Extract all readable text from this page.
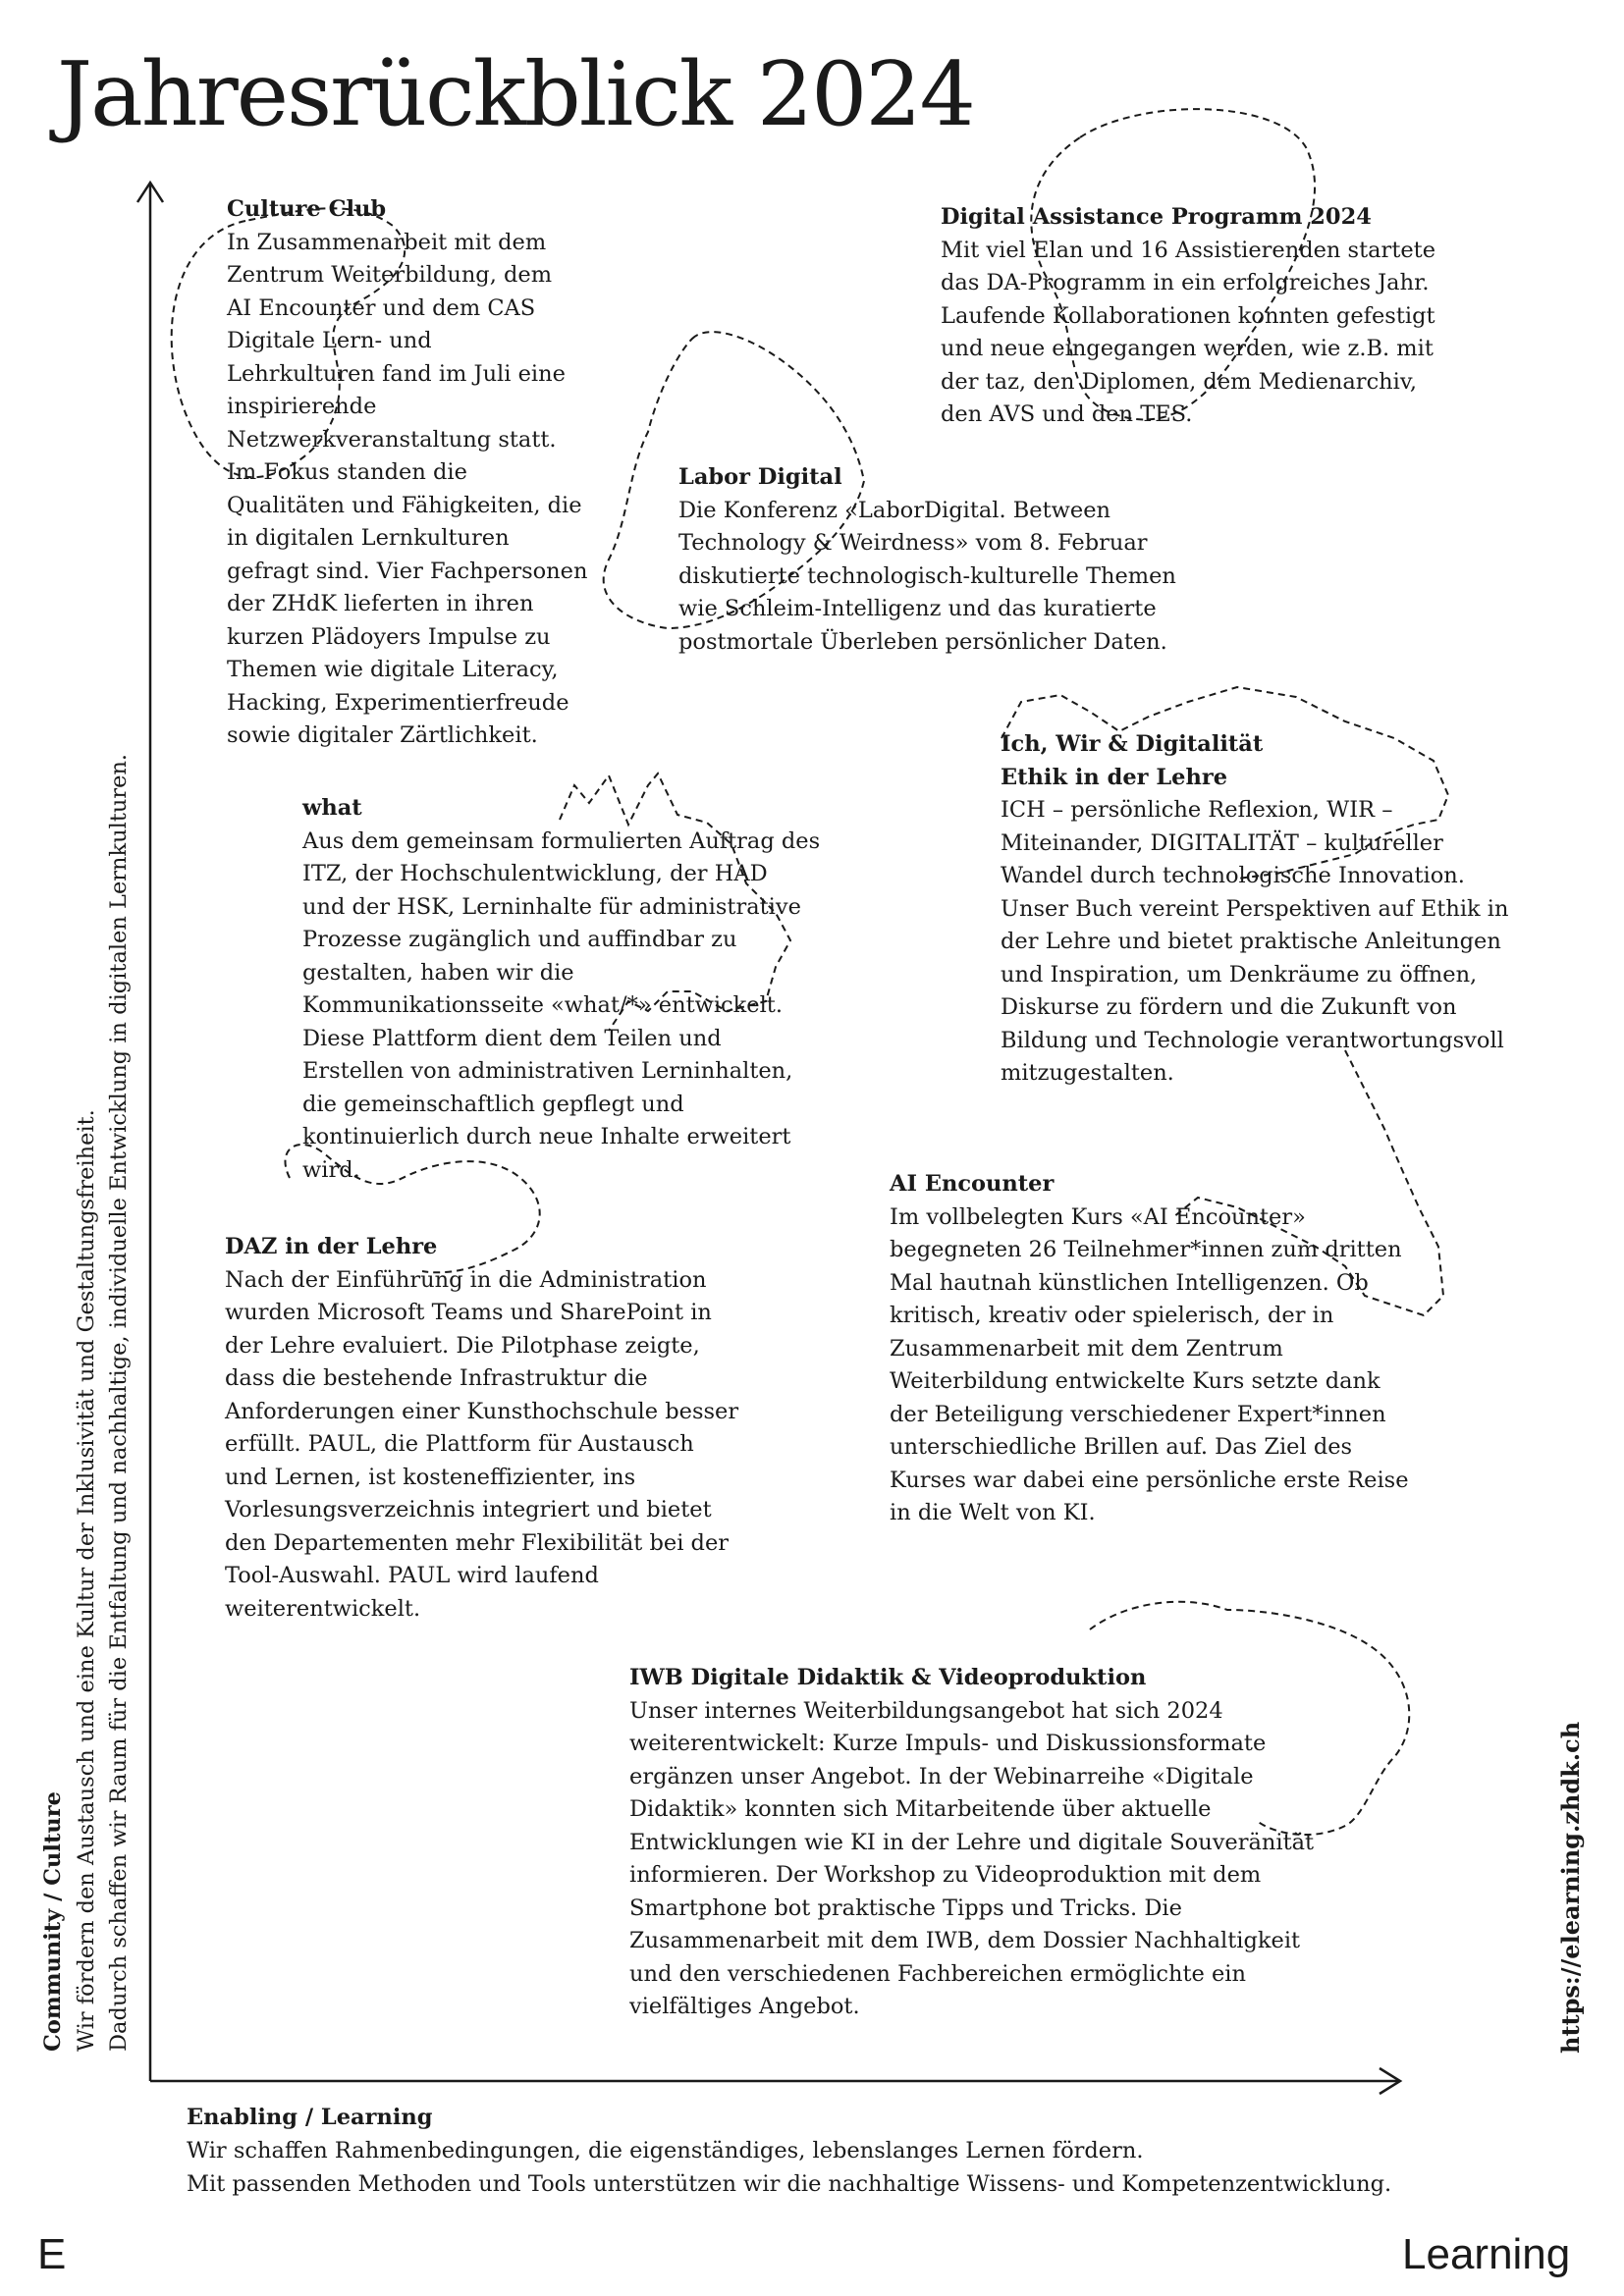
Jahresrückblick 2024
Culture Club

In Zusammenarbeit mit dem
Zentrum Weiterbildung, dem
AI Encounter und dem CAS
Digitale Lern- und
Lehrkulturen fand im Juli eine
inspirierende
Netzwerkveranstaltung statt.
Im Fokus standen die
Qualitäten und Fähigkeiten, die
in digitalen Lernkulturen
gefragt sind. Vier Fachpersonen
der ZHdK lieferten in ihren
kurzen Plädoyers Impulse zu
Themen wie digitale Literacy,
Hacking, Experimentierfreude
sowie digitaler Zärtlichkeit.

Digital Assistance Programm 2024

Mit viel Elan und 16 Assistierenden startete
das DA-Programm in ein erfolgreiches Jahr.
Laufende Kollaborationen konnten gefestigt
und neue eingegangen werden, wie z.B. mit
der taz, den Diplomen, dem Medienarchiv,
den AVS und den TES.

Labor Digital

Die Konferenz «LaborDigital. Between
Technology & Weirdness» vom 8. Februar
diskutierte technologisch-kulturelle Themen
wie Schleim-Intelligenz und das kuratierte
postmortale Überleben persönlicher Daten.

Ich, Wir & Digitalität
Ethik in der Lehre

ICH – persönliche Reflexion, WIR –
Miteinander, DIGITALITÄT – kultureller
Wandel durch technologische Innovation.
Unser Buch vereint Perspektiven auf Ethik in
der Lehre und bietet praktische Anleitungen
und Inspiration, um Denkräume zu öffnen,
Diskurse zu fördern und die Zukunft von
Bildung und Technologie verantwortungsvoll
mitzugestalten.

what

Aus dem gemeinsam formulierten Auftrag des
ITZ, der Hochschulentwicklung, der HAD
und der HSK, Lerninhalte für administrative
Prozesse zugänglich und auffindbar zu
gestalten, haben wir die
Kommunikationsseite «what/*» entwickelt.
Diese Plattform dient dem Teilen und
Erstellen von administrativen Lerninhalten,
die gemeinschaftlich gepflegt und
kontinuierlich durch neue Inhalte erweitert
wird.

AI Encounter

Im vollbelegten Kurs «AI Encounter»
begegneten 26 Teilnehmer*innen zum dritten
Mal hautnah künstlichen Intelligenzen. Ob
kritisch, kreativ oder spielerisch, der in
Zusammenarbeit mit dem Zentrum
Weiterbildung entwickelte Kurs setzte dank
der Beteiligung verschiedener Expert*innen
unterschiedliche Brillen auf. Das Ziel des
Kurses war dabei eine persönliche erste Reise
in die Welt von KI.

DAZ in der Lehre

Nach der Einführung in die Administration
wurden Microsoft Teams und SharePoint in
der Lehre evaluiert. Die Pilotphase zeigte,
dass die bestehende Infrastruktur die
Anforderungen einer Kunsthochschule besser
erfüllt. PAUL, die Plattform für Austausch
und Lernen, ist kosteneffizienter, ins
Vorlesungsverzeichnis integriert und bietet
den Departementen mehr Flexibilität bei der
Tool-Auswahl. PAUL wird laufend
weiterentwickelt.

IWB Digitale Didaktik & Videoproduktion

Unser internes Weiterbildungsangebot hat sich 2024
weiterentwickelt: Kurze Impuls- und Diskussionsformate
ergänzen unser Angebot. In der Webinarreihe «Digitale
Didaktik» konnten sich Mitarbeitende über aktuelle
Entwicklungen wie KI in der Lehre und digitale Souveränität
informieren. Der Workshop zu Videoproduktion mit dem
Smartphone bot praktische Tipps und Tricks. Die
Zusammenarbeit mit dem IWB, dem Dossier Nachhaltigkeit
und den verschiedenen Fachbereichen ermöglichte ein
vielfältiges Angebot.

Community / Culture Wir fördern den Austausch und eine Kultur der Inklusivität und Gestaltungsfreiheit. Dadurch schaffen wir Raum für die Entfaltung und nachhaltige, individuelle Entwicklung in digitalen Lernkulturen.
Enabling / Learning
Wir schaffen Rahmenbedingungen, die eigenständiges, lebenslanges Lernen fördern.
Mit passenden Methoden und Tools unterstützen wir die nachhaltige Wissens- und Kompetenzentwicklung.
https://elearning.zhdk.ch
E	Learning
